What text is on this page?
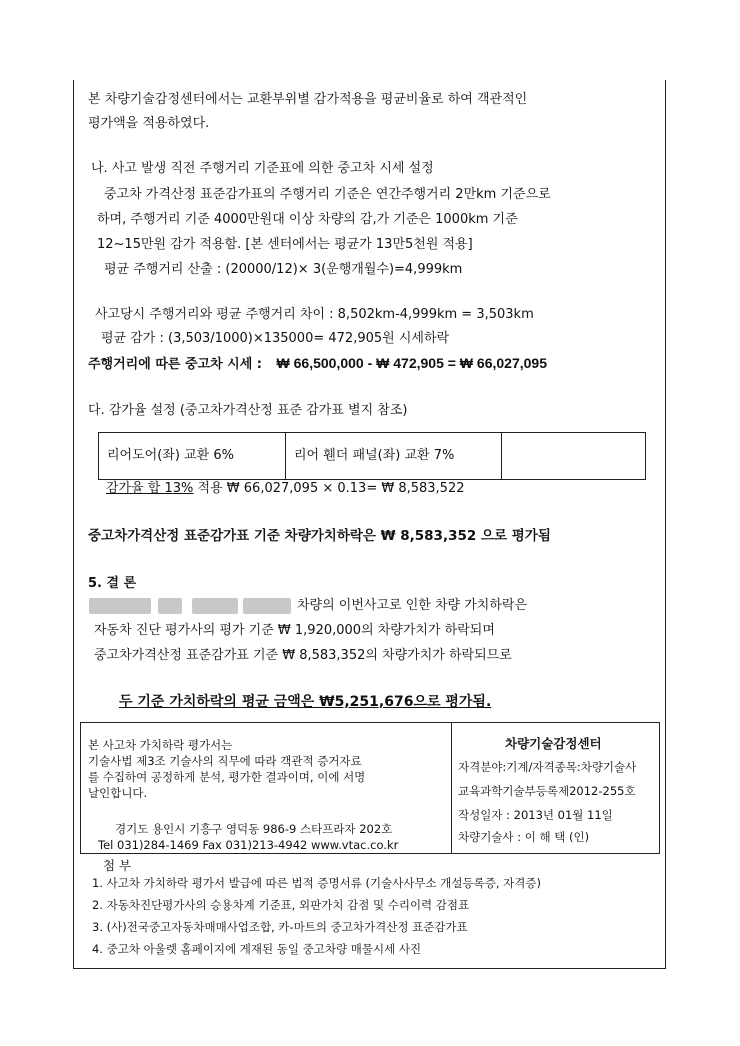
본 차량기술감정센터에서는 교환부위별 감가적용을 평균비율로 하여 객관적인
평가액을 적용하였다.
나. 사고 발생 직전 주행거리 기준표에 의한 중고차 시세 설정
중고차 가격산정 표준감가표의 주행거리 기준은 연간주행거리 2만km 기준으로
하며, 주행거리 기준 4000만원대 이상 차량의 감,가 기준은 1000km 기준
12~15만원 감가 적용함. [본 센터에서는 평균가 13만5천원 적용]
평균 주행거리 산출 : (20000/12)× 3(운행개월수)=4,999km
사고당시 주행거리와 평균 주행거리 차이 : 8,502km-4,999km = 3,503km
평균 감가 : (3,503/1000)×135000= 472,905원 시세하락
주행거리에 따른 중고차 시세 : ₩ 66,500,000 - ₩ 472,905 = ₩ 66,027,095
다. 감가율 설정 (중고차가격산정 표준 감가표 별지 참조)
리어도어(좌) 교환 6%	리어 휀더 패널(좌) 교환 7%
감가율 합 13% 적용 ₩ 66,027,095 × 0.13= ₩ 8,583,522
중고차가격산정 표준감가표 기준 차량가치하락은 ₩ 8,583,352 으로 평가됨
5. 결 론
차량의 이번사고로 인한 차량 가치하락은
자동차 진단 평가사의 평가 기준 ₩ 1,920,000의 차량가치가 하락되며
중고차가격산정 표준감가표 기준 ₩ 8,583,352의 차량가치가 하락되므로
두 기준 가치하락의 평균 금액은 ₩5,251,676으로 평가됨.
본 사고차 가치하락 평가서는
기술사법 제3조 기술사의 직무에 따라 객관적 증거자료
를 수집하여 공정하게 분석, 평가한 결과이며, 이에 서명
날인합니다.
경기도 용인시 기흥구 영덕동 986-9 스타프라자 202호
Tel 031)284-1469 Fax 031)213-4942 www.vtac.co.kr
차량기술감정센터
자격분야:기계/자격종목:차량기술사
교육과학기술부등록제2012-255호
작성일자 : 2013년 01월 11일
차량기술사 : 이 해 택 (인)
첨 부
1. 사고차 가치하락 평가서 발급에 따른 법적 증명서류 (기술사사무소 개설등록증, 자격증)
2. 자동차진단평가사의 승용차계 기준표, 외판가치 감점 및 수리이력 감점표
3. (사)전국중고자동차매매사업조합, 카-마트의 중고차가격산정 표준감가표
4. 중고차 아울렛 홈페이지에 게재된 동일 중고차량 매물시세 사진
